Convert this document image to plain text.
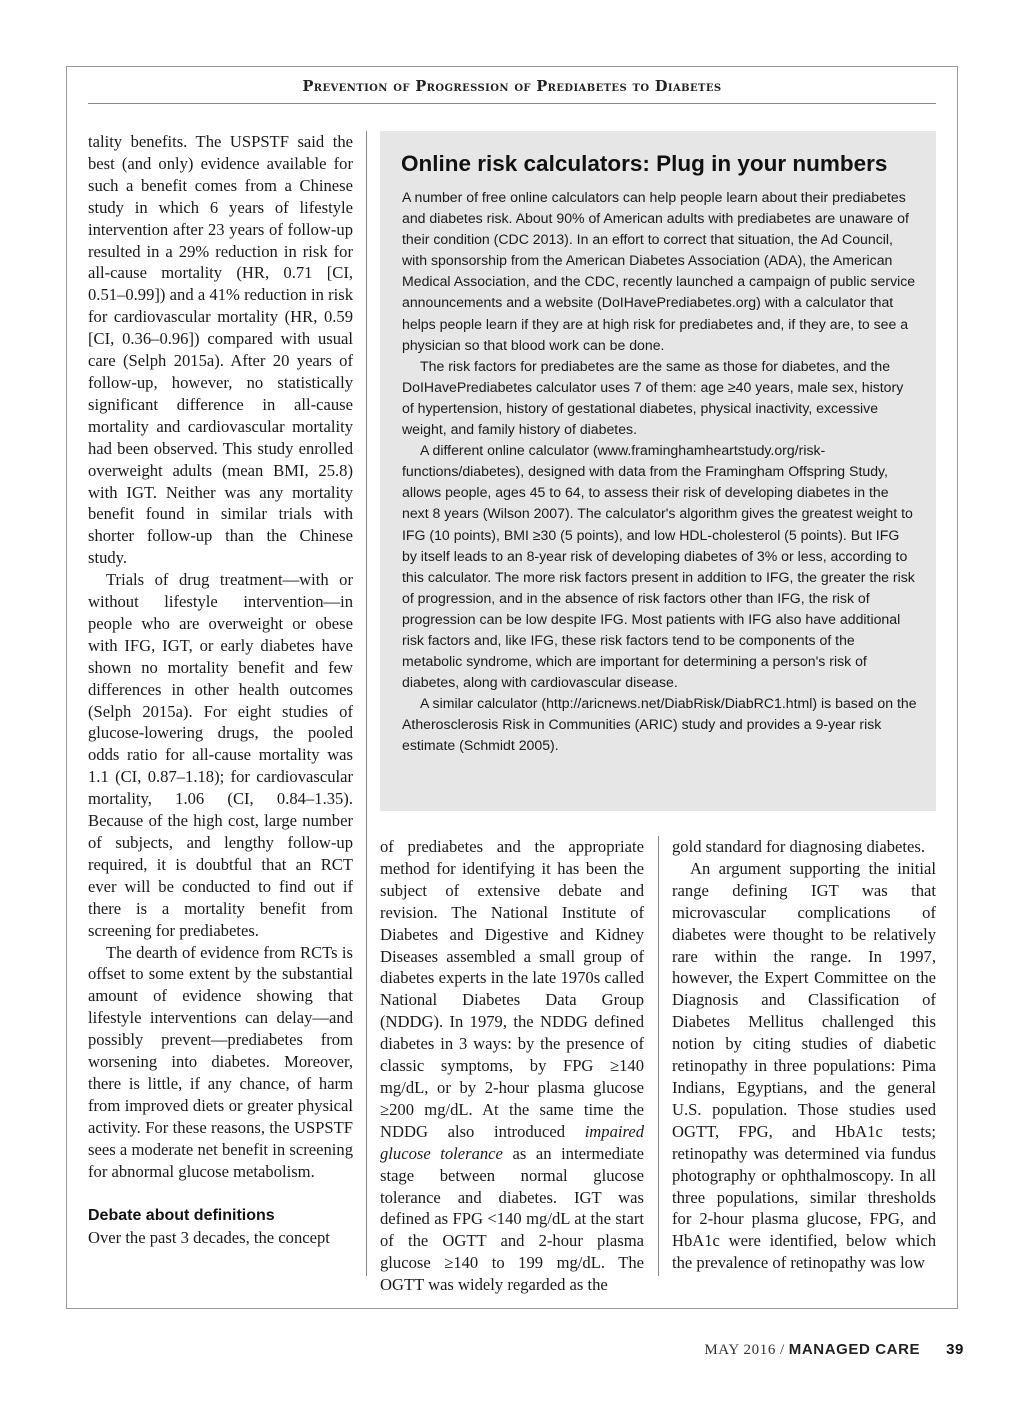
Prevention of Progression of Prediabetes to Diabetes

tality benefits. The USPSTF said the best (and only) evidence available for such a benefit comes from a Chinese study in which 6 years of lifestyle intervention after 23 years of follow-up resulted in a 29% reduction in risk for all-cause mortality (HR, 0.71 [CI, 0.51–0.99]) and a 41% reduction in risk for cardiovascular mortality (HR, 0.59 [CI, 0.36–0.96]) compared with usual care (Selph 2015a). After 20 years of follow-up, however, no statistically significant difference in all-cause mortality and cardiovascular mortality had been observed. This study enrolled overweight adults (mean BMI, 25.8) with IGT. Neither was any mortality benefit found in similar trials with shorter follow-up than the Chinese study.

Trials of drug treatment—with or without lifestyle intervention—in people who are overweight or obese with IFG, IGT, or early diabetes have shown no mortality benefit and few differences in other health outcomes (Selph 2015a). For eight studies of glucose-lowering drugs, the pooled odds ratio for all-cause mortality was 1.1 (CI, 0.87–1.18); for cardiovascular mortality, 1.06 (CI, 0.84–1.35). Because of the high cost, large number of subjects, and lengthy follow-up required, it is doubtful that an RCT ever will be conducted to find out if there is a mortality benefit from screening for prediabetes.

The dearth of evidence from RCTs is offset to some extent by the substantial amount of evidence showing that lifestyle interventions can delay—and possibly prevent—prediabetes from worsening into diabetes. Moreover, there is little, if any chance, of harm from improved diets or greater physical activity. For these reasons, the USPSTF sees a moderate net benefit in screening for abnormal glucose metabolism.

Debate about definitions

Over the past 3 decades, the concept

Online risk calculators: Plug in your numbers

A number of free online calculators can help people learn about their prediabetes and diabetes risk. About 90% of American adults with prediabetes are unaware of their condition (CDC 2013). In an effort to correct that situation, the Ad Council, with sponsorship from the American Diabetes Association (ADA), the American Medical Association, and the CDC, recently launched a campaign of public service announcements and a website (DoIHavePrediabetes.org) with a calculator that helps people learn if they are at high risk for prediabetes and, if they are, to see a physician so that blood work can be done.

The risk factors for prediabetes are the same as those for diabetes, and the DoIHavePrediabetes calculator uses 7 of them: age ≥40 years, male sex, history of hypertension, history of gestational diabetes, physical inactivity, excessive weight, and family history of diabetes.

A different online calculator (www.framinghamheartstudy.org/risk-functions/diabetes), designed with data from the Framingham Offspring Study, allows people, ages 45 to 64, to assess their risk of developing diabetes in the next 8 years (Wilson 2007). The calculator's algorithm gives the greatest weight to IFG (10 points), BMI ≥30 (5 points), and low HDL-cholesterol (5 points). But IFG by itself leads to an 8-year risk of developing diabetes of 3% or less, according to this calculator. The more risk factors present in addition to IFG, the greater the risk of progression, and in the absence of risk factors other than IFG, the risk of progression can be low despite IFG. Most patients with IFG also have additional risk factors and, like IFG, these risk factors tend to be components of the metabolic syndrome, which are important for determining a person's risk of diabetes, along with cardiovascular disease.

A similar calculator (http://aricnews.net/DiabRisk/DiabRC1.html) is based on the Atherosclerosis Risk in Communities (ARIC) study and provides a 9-year risk estimate (Schmidt 2005).

of prediabetes and the appropriate method for identifying it has been the subject of extensive debate and revision. The National Institute of Diabetes and Digestive and Kidney Diseases assembled a small group of diabetes experts in the late 1970s called National Diabetes Data Group (NDDG). In 1979, the NDDG defined diabetes in 3 ways: by the presence of classic symptoms, by FPG ≥140 mg/dL, or by 2-hour plasma glucose ≥200 mg/dL. At the same time the NDDG also introduced impaired glucose tolerance as an intermediate stage between normal glucose tolerance and diabetes. IGT was defined as FPG <140 mg/dL at the start of the OGTT and 2-hour plasma glucose ≥140 to 199 mg/dL. The OGTT was widely regarded as the

gold standard for diagnosing diabetes.

An argument supporting the initial range defining IGT was that microvascular complications of diabetes were thought to be relatively rare within the range. In 1997, however, the Expert Committee on the Diagnosis and Classification of Diabetes Mellitus challenged this notion by citing studies of diabetic retinopathy in three populations: Pima Indians, Egyptians, and the general U.S. population. Those studies used OGTT, FPG, and HbA1c tests; retinopathy was determined via fundus photography or ophthalmoscopy. In all three populations, similar thresholds for 2-hour plasma glucose, FPG, and HbA1c were identified, below which the prevalence of retinopathy was low

MAY 2016 / MANAGED CARE 39
